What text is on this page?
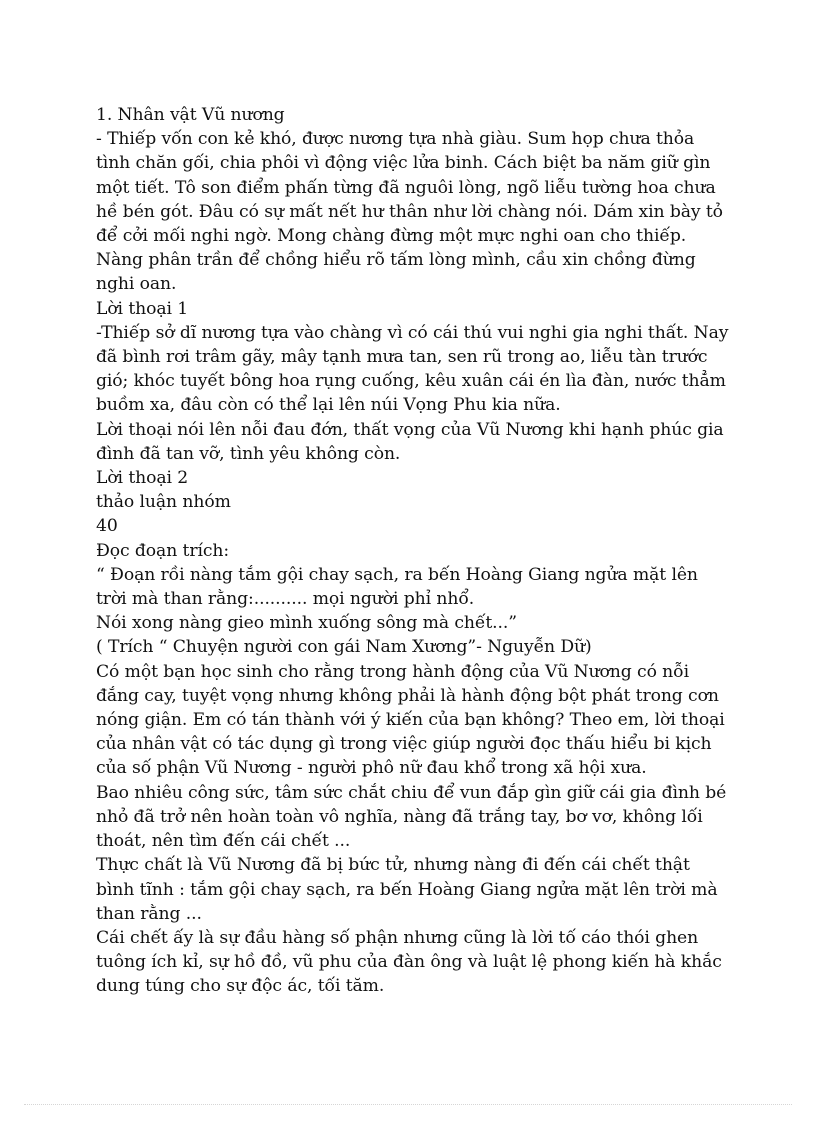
1. Nhân vật Vũ nương

- Thiếp vốn con kẻ khó, được nương tựa nhà giàu. Sum họp chưa thỏa tình chăn gối, chia phôi vì động việc lửa binh. Cách biệt ba năm giữ gìn một tiết. Tô son điểm phấn từng đã nguôi lòng, ngõ liễu tường hoa chưa hề bén gót. Đâu có sự mất nết hư thân như lời chàng nói. Dám xin bày tỏ để cởi mối nghi ngờ. Mong chàng đừng một mực nghi oan cho thiếp.

Nàng phân trần để chồng hiểu rõ tấm lòng mình, cầu xin chồng đừng nghi oan.

Lời thoại 1

-Thiếp sở dĩ nương tựa vào chàng vì có cái thú vui nghi gia nghi thất. Nay đã bình rơi trâm gãy, mây tạnh mưa tan, sen rũ trong ao, liễu tàn trước gió; khóc tuyết bông hoa rụng cuống, kêu xuân cái én lìa đàn, nước thẳm buồm xa, đâu còn có thể lại lên núi Vọng Phu kia nữa.

Lời thoại nói lên nỗi đau đớn, thất vọng của Vũ Nương khi hạnh phúc gia đình đã tan vỡ, tình yêu không còn.

Lời thoại 2

thảo luận nhóm

40

Đọc đoạn trích:

“ Đoạn rồi nàng tắm gội chay sạch, ra bến Hoàng Giang ngửa mặt lên trời mà than rằng:.......... mọi người phỉ nhổ.

Nói xong nàng gieo mình xuống sông mà chết...”

( Trích “ Chuyện người con gái Nam Xương”- Nguyễn Dữ)

Có một bạn học sinh cho rằng trong hành động của Vũ Nương có nỗi đắng cay, tuyệt vọng nhưng không phải là hành động bột phát trong cơn nóng giận. Em có tán thành với ý kiến của bạn không? Theo em, lời thoại của nhân vật có tác dụng gì trong việc giúp người đọc thấu hiểu bi kịch của số phận Vũ Nương - người phô nữ đau khổ trong xã hội xưa.

Bao nhiêu công sức, tâm sức chắt chiu để vun đắp gìn giữ cái gia đình bé nhỏ đã trở nên hoàn toàn vô nghĩa, nàng đã trắng tay, bơ vơ, không lối thoát, nên tìm đến cái chết ...

Thực chất là Vũ Nương đã bị bức tử, nhưng nàng đi đến cái chết thật bình tĩnh : tắm gội chay sạch, ra bến Hoàng Giang ngửa mặt lên trời mà than rằng ...

Cái chết ấy là sự đầu hàng số phận nhưng cũng là lời tố cáo thói ghen tuông ích kỉ, sự hồ đồ, vũ phu của đàn ông và luật lệ phong kiến hà khắc dung túng cho sự độc ác, tối tăm.
